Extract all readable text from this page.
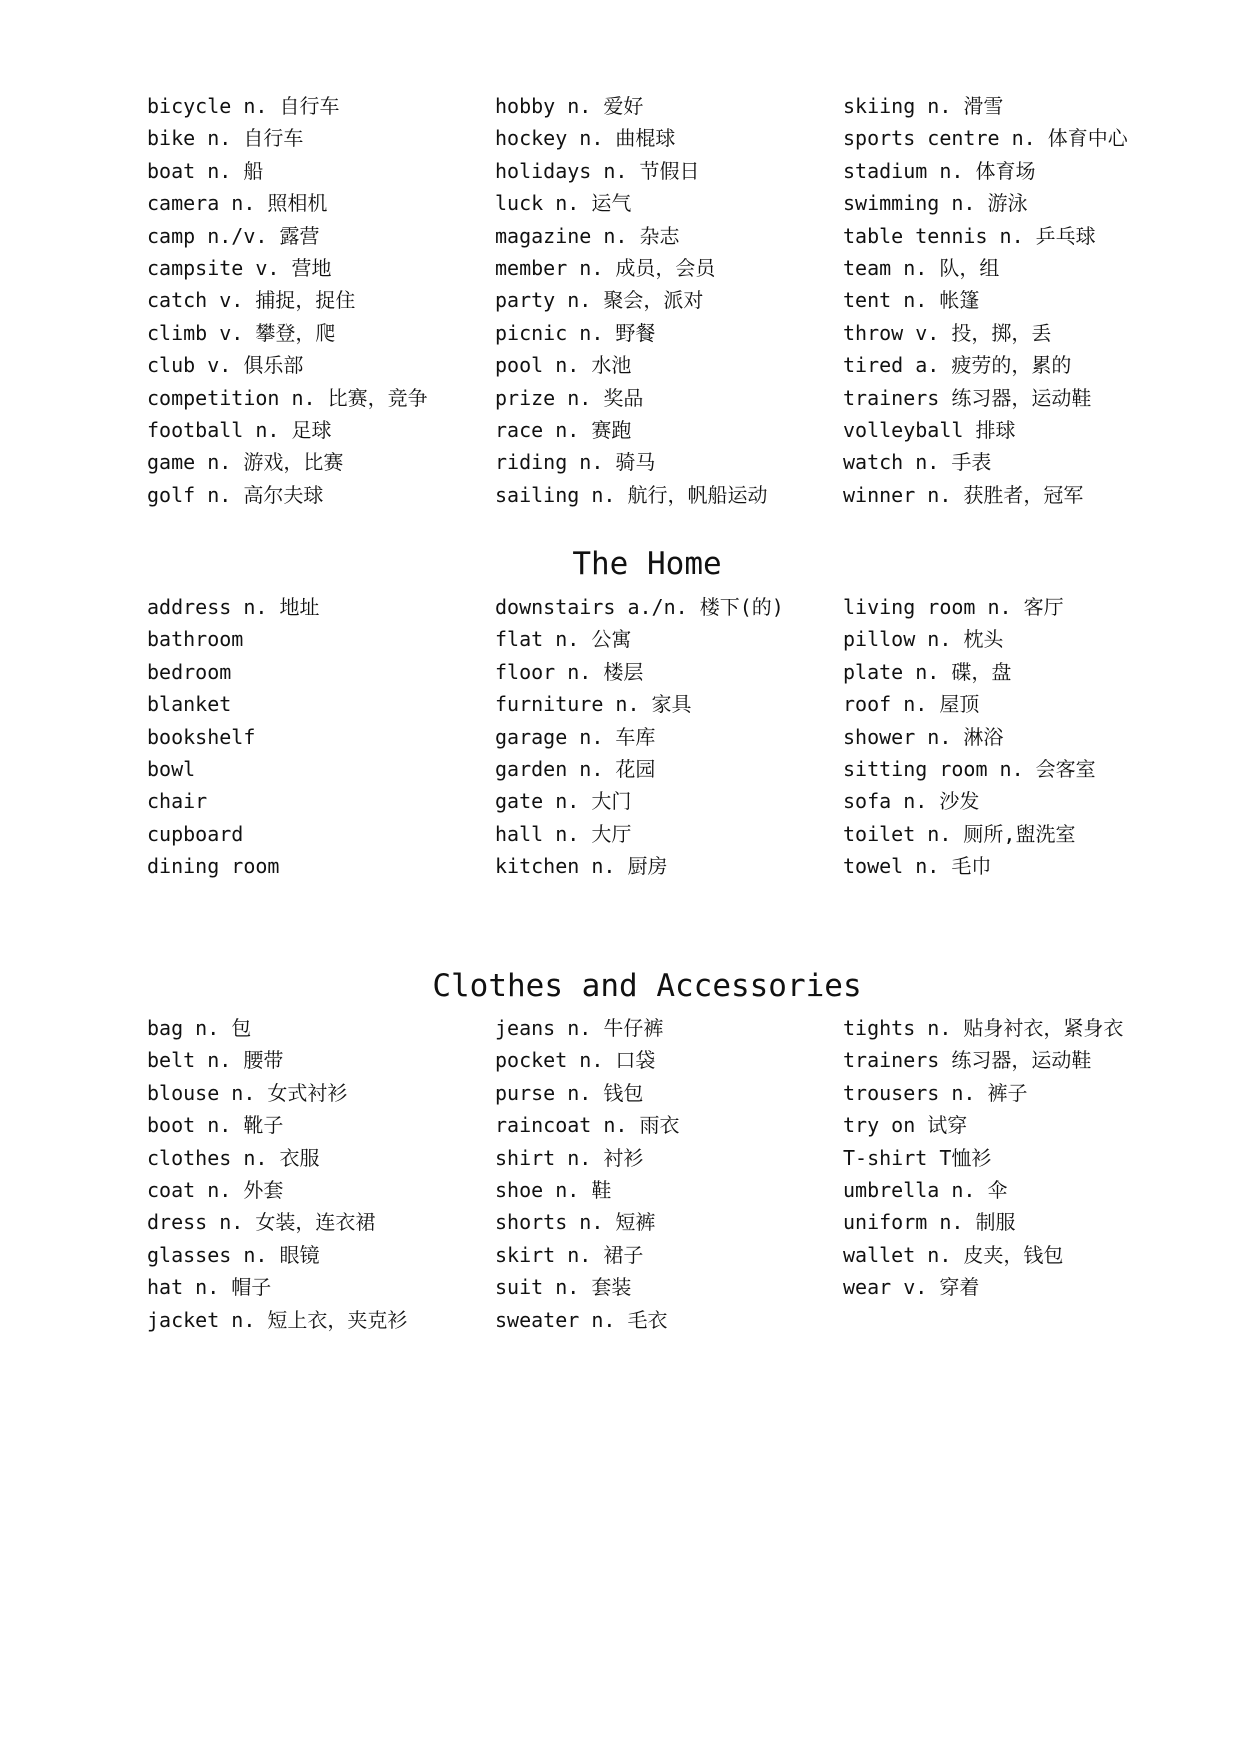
bicycle n. 自行车
bike n. 自行车
boat n. 船
camera n. 照相机
camp n./v. 露营
campsite v. 营地
catch v. 捕捉，捉住
climb v. 攀登，爬
club v. 俱乐部
competition n. 比赛，竞争
football n. 足球
game n. 游戏，比赛
golf n. 高尔夫球
hobby n. 爱好
hockey n. 曲棍球
holidays n. 节假日
luck n. 运气
magazine n. 杂志
member n. 成员，会员
party n. 聚会，派对
picnic n. 野餐
pool n. 水池
prize n. 奖品
race n. 赛跑
riding n. 骑马
sailing n. 航行，帆船运动
skiing n. 滑雪
sports centre n. 体育中心
stadium n. 体育场
swimming n. 游泳
table tennis n. 乒乓球
team n. 队，组
tent n. 帐篷
throw v. 投，掷，丢
tired a. 疲劳的，累的
trainers 练习器，运动鞋
volleyball 排球
watch n. 手表
winner n. 获胜者，冠军
The Home
address n. 地址
bathroom
bedroom
blanket
bookshelf
bowl
chair
cupboard
dining room
downstairs a./n. 楼下(的)
flat n. 公寓
floor n. 楼层
furniture n. 家具
garage n. 车库
garden n. 花园
gate n. 大门
hall n. 大厅
kitchen n. 厨房
living room n. 客厅
pillow n. 枕头
plate n. 碟，盘
roof n. 屋顶
shower n. 淋浴
sitting room n. 会客室
sofa n. 沙发
toilet n. 厕所,盥洗室
towel n. 毛巾
Clothes and Accessories
bag n. 包
belt n. 腰带
blouse n. 女式衬衫
boot n. 靴子
clothes n. 衣服
coat n. 外套
dress n. 女装，连衣裙
glasses n. 眼镜
hat n. 帽子
jacket n. 短上衣，夹克衫
jeans n. 牛仔裤
pocket n. 口袋
purse n. 钱包
raincoat n. 雨衣
shirt n. 衬衫
shoe n. 鞋
shorts n. 短裤
skirt n. 裙子
suit n. 套装
sweater n. 毛衣
tights n. 贴身衬衣，紧身衣
trainers 练习器，运动鞋
trousers n. 裤子
try on 试穿
T-shirt T恤衫
umbrella n. 伞
uniform n. 制服
wallet n. 皮夹，钱包
wear v. 穿着
